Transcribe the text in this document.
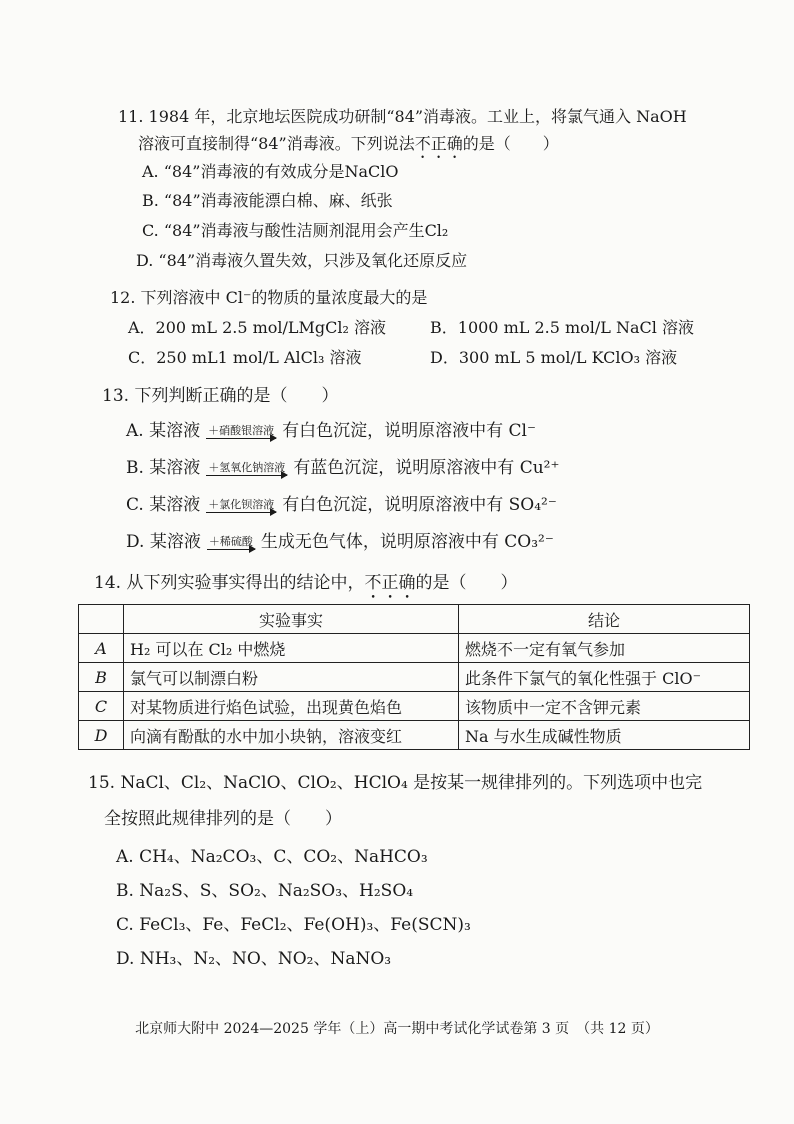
11. 1984 年，北京地坛医院成功研制“84”消毒液。工业上，将氯气通入 NaOH
溶液可直接制得“84”消毒液。下列说法不正确的是（　　）
A. “84”消毒液的有效成分是NaClO
B. “84”消毒液能漂白棉、麻、纸张
C. “84”消毒液与酸性洁厕剂混用会产生Cl₂
D. “84”消毒液久置失效，只涉及氧化还原反应
12. 下列溶液中 Cl⁻的物质的量浓度最大的是
A．200 mL 2.5 mol/LMgCl₂ 溶液	B．1000 mL 2.5 mol/L NaCl 溶液
C．250 mL1 mol/L AlCl₃ 溶液	D．300 mL 5 mol/L KClO₃ 溶液
13. 下列判断正确的是（　　）
A. 某溶液 ＋硝酸银溶液 有白色沉淀，说明原溶液中有 Cl⁻
B. 某溶液 ＋氢氧化钠溶液 有蓝色沉淀，说明原溶液中有 Cu²⁺
C. 某溶液 ＋氯化钡溶液 有白色沉淀，说明原溶液中有 SO₄²⁻
D. 某溶液 ＋稀硫酸 生成无色气体，说明原溶液中有 CO₃²⁻
14. 从下列实验事实得出的结论中，不正确的是（　　）
	实验事实	结论
A	H₂ 可以在 Cl₂ 中燃烧	燃烧不一定有氧气参加
B	氯气可以制漂白粉	此条件下氯气的氧化性强于 ClO⁻
C	对某物质进行焰色试验，出现黄色焰色	该物质中一定不含钾元素
D	向滴有酚酞的水中加小块钠，溶液变红	Na 与水生成碱性物质
15. NaCl、Cl₂、NaClO、ClO₂、HClO₄ 是按某一规律排列的。下列选项中也完
全按照此规律排列的是（　　）
A. CH₄、Na₂CO₃、C、CO₂、NaHCO₃
B. Na₂S、S、SO₂、Na₂SO₃、H₂SO₄
C. FeCl₃、Fe、FeCl₂、Fe(OH)₃、Fe(SCN)₃
D. NH₃、N₂、NO、NO₂、NaNO₃
北京师大附中 2024—2025 学年（上）高一期中考试化学试卷第 3 页　（共 12 页）
